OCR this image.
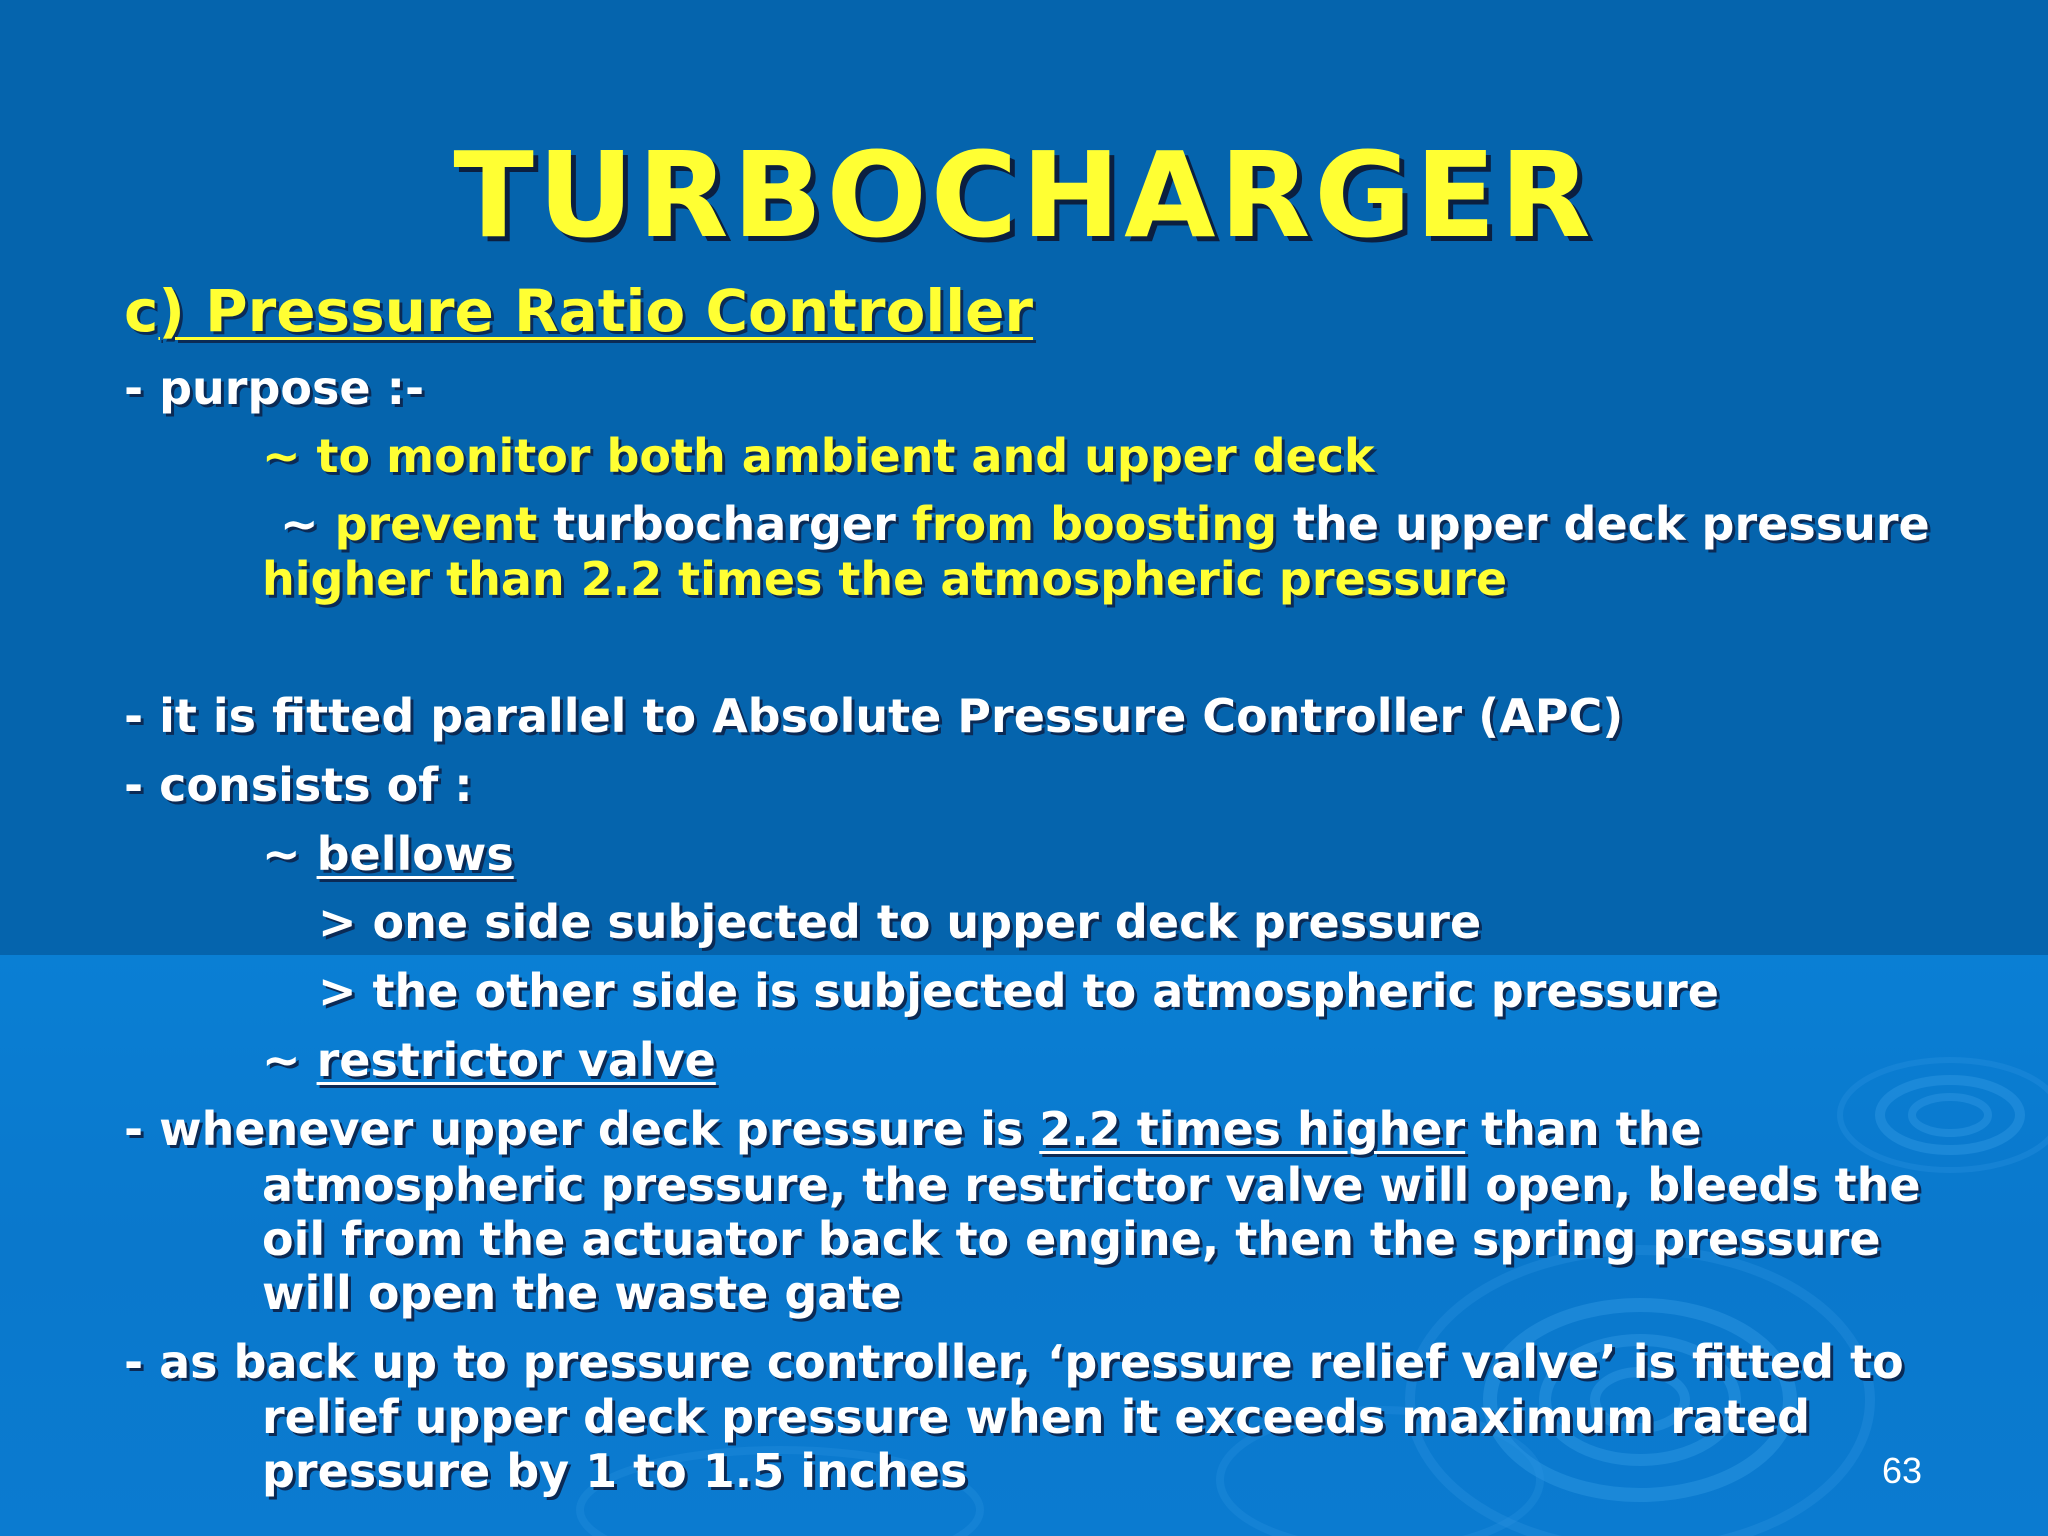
TURBOCHARGER
c) Pressure Ratio Controller
- purpose :-
~ to monitor both ambient and upper deck
~ prevent turbocharger from boosting the upper deck pressure
higher than 2.2 times the atmospheric pressure
- it is fitted parallel to Absolute Pressure Controller (APC)
- consists of :
~ bellows
> one side subjected to upper deck pressure
> the other side is subjected to atmospheric pressure
~ restrictor valve
- whenever upper deck pressure is 2.2 times higher than the
atmospheric pressure, the restrictor valve will open, bleeds the
oil from the actuator back to engine, then the spring pressure
will open the waste gate
- as back up to pressure controller, ‘pressure relief valve’ is fitted to
relief upper deck pressure when it exceeds maximum rated
pressure by 1 to 1.5 inches	63
